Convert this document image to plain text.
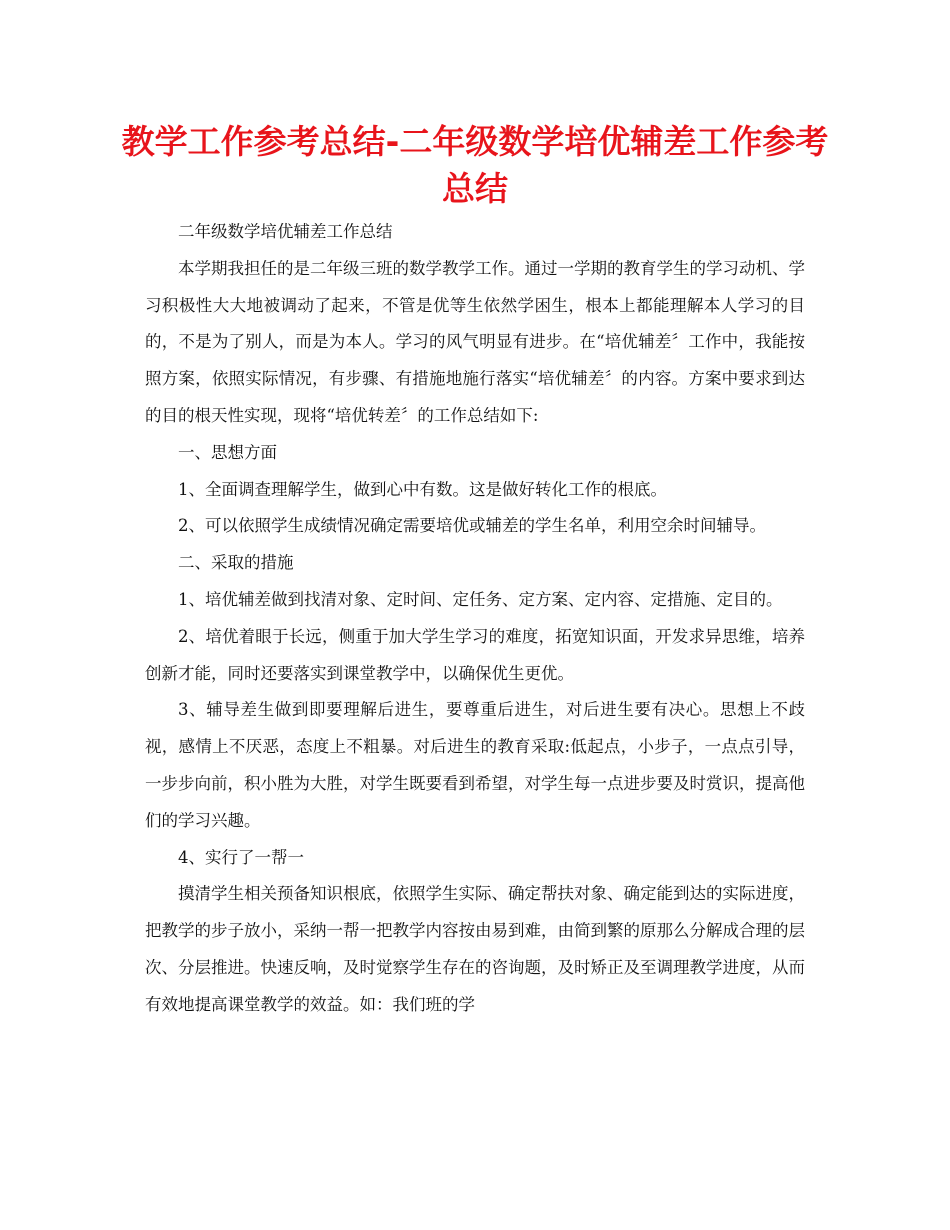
教学工作参考总结-二年级数学培优辅差工作参考总结

二年级数学培优辅差工作总结

本学期我担任的是二年级三班的数学教学工作。通过一学期的教育学生的学习动机、学习积极性大大地被调动了起来，不管是优等生依然学困生，根本上都能理解本人学习的目的，不是为了别人，而是为本人。学习的风气明显有进步。在“培优辅差〞工作中，我能按照方案，依照实际情况，有步骤、有措施地施行落实“培优辅差〞的内容。方案中要求到达的目的根天性实现，现将“培优转差〞的工作总结如下:

一、思想方面

1、全面调查理解学生，做到心中有数。这是做好转化工作的根底。

2、可以依照学生成绩情况确定需要培优或辅差的学生名单，利用空余时间辅导。

二、采取的措施

1、培优辅差做到找清对象、定时间、定任务、定方案、定内容、定措施、定目的。

2、培优着眼于长远，侧重于加大学生学习的难度，拓宽知识面，开发求异思维，培养创新才能，同时还要落实到课堂教学中，以确保优生更优。

3、辅导差生做到即要理解后进生，要尊重后进生，对后进生要有决心。思想上不歧视，感情上不厌恶，态度上不粗暴。对后进生的教育采取:低起点，小步子，一点点引导，一步步向前，积小胜为大胜，对学生既要看到希望，对学生每一点进步要及时赏识，提高他们的学习兴趣。

4、实行了一帮一

摸清学生相关预备知识根底，依照学生实际、确定帮扶对象、确定能到达的实际进度，把教学的步子放小，采纳一帮一把教学内容按由易到难，由简到繁的原那么分解成合理的层次、分层推进。快速反响，及时觉察学生存在的咨询题，及时矫正及至调理教学进度，从而有效地提高课堂教学的效益。如：我们班的学
